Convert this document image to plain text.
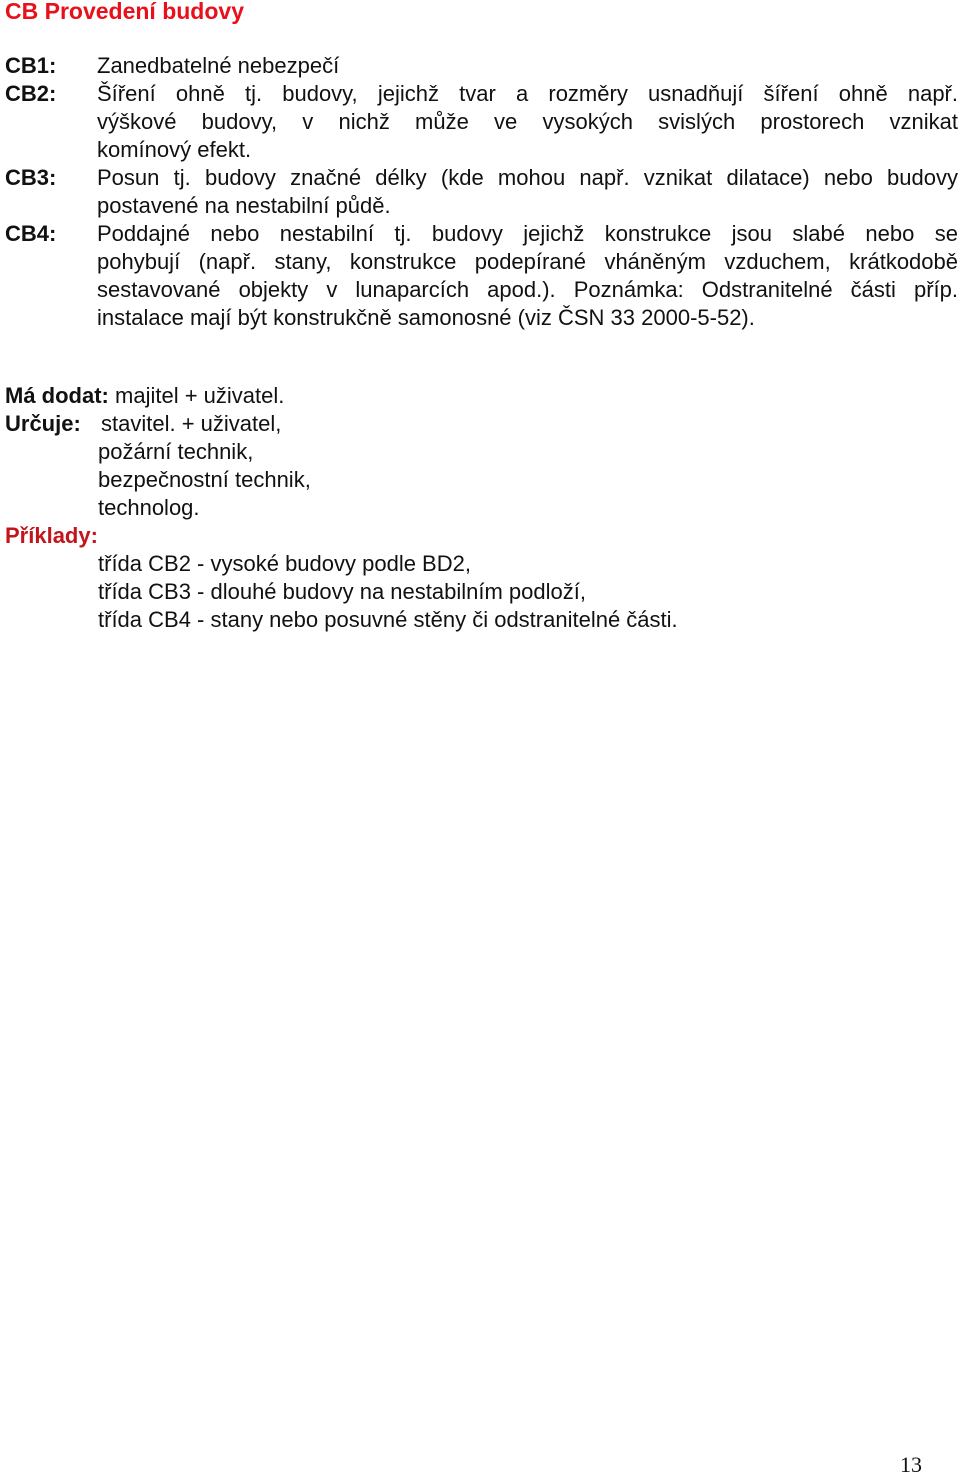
CB Provedení budovy
CB1:	Zanedbatelné nebezpečí
CB2:	Šíření ohně tj. budovy, jejichž tvar a rozměry usnadňují šíření ohně např.
výškové budovy, v nichž může ve vysokých svislých prostorech vznikat
komínový efekt.
CB3:	Posun tj. budovy značné délky (kde mohou např. vznikat dilatace) nebo budovy
postavené na nestabilní půdě.
CB4:	Poddajné nebo nestabilní tj. budovy jejichž konstrukce jsou slabé nebo se
pohybují (např. stany, konstrukce podepírané vháněným vzduchem, krátkodobě
sestavované objekty v lunaparcích apod.). Poznámka: Odstranitelné části příp.
instalace mají být konstrukčně samonosné (viz ČSN 33 2000-5-52).
Má dodat: majitel + uživatel.
Určuje: stavitel. + uživatel,
požární technik,
bezpečnostní technik,
technolog.
Příklady:
třída CB2 - vysoké budovy podle BD2,
třída CB3 - dlouhé budovy na nestabilním podloží,
třída CB4 - stany nebo posuvné stěny či odstranitelné části.
13
